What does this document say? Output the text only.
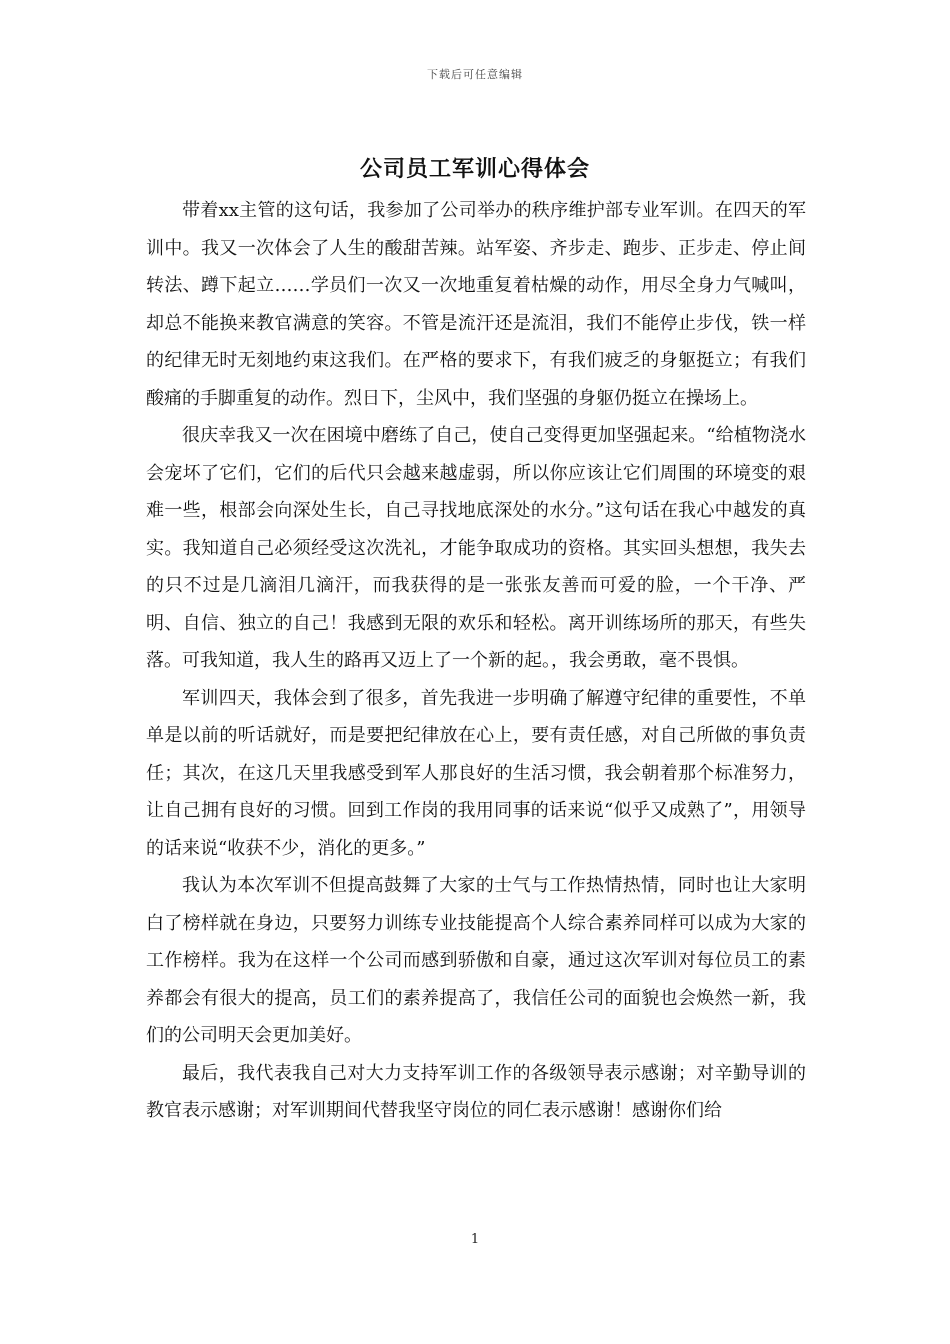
下载后可任意编辑
公司员工军训心得体会

带着xx主管的这句话，我参加了公司举办的秩序维护部专业军训。在四天的军训中。我又一次体会了人生的酸甜苦辣。站军姿、齐步走、跑步、正步走、停止间转法、蹲下起立……学员们一次又一次地重复着枯燥的动作，用尽全身力气喊叫，却总不能换来教官满意的笑容。不管是流汗还是流泪，我们不能停止步伐，铁一样的纪律无时无刻地约束这我们。在严格的要求下，有我们疲乏的身躯挺立；有我们酸痛的手脚重复的动作。烈日下，尘风中，我们坚强的身躯仍挺立在操场上。

很庆幸我又一次在困境中磨练了自己，使自己变得更加坚强起来。“给植物浇水会宠坏了它们，它们的后代只会越来越虚弱，所以你应该让它们周围的环境变的艰难一些，根部会向深处生长，自己寻找地底深处的水分。”这句话在我心中越发的真实。我知道自己必须经受这次洗礼，才能争取成功的资格。其实回头想想，我失去的只不过是几滴泪几滴汗，而我获得的是一张张友善而可爱的脸，一个干净、严明、自信、独立的自己！我感到无限的欢乐和轻松。离开训练场所的那天，有些失落。可我知道，我人生的路再又迈上了一个新的起。，我会勇敢，毫不畏惧。

军训四天，我体会到了很多，首先我进一步明确了解遵守纪律的重要性，不单单是以前的听话就好，而是要把纪律放在心上，要有责任感，对自己所做的事负责任；其次，在这几天里我感受到军人那良好的生活习惯，我会朝着那个标准努力，让自己拥有良好的习惯。回到工作岗的我用同事的话来说“似乎又成熟了”，用领导的话来说“收获不少，消化的更多。”

我认为本次军训不但提高鼓舞了大家的士气与工作热情热情，同时也让大家明白了榜样就在身边，只要努力训练专业技能提高个人综合素养同样可以成为大家的工作榜样。我为在这样一个公司而感到骄傲和自豪，通过这次军训对每位员工的素养都会有很大的提高，员工们的素养提高了，我信任公司的面貌也会焕然一新，我们的公司明天会更加美好。

最后，我代表我自己对大力支持军训工作的各级领导表示感谢；对辛勤导训的教官表示感谢；对军训期间代替我坚守岗位的同仁表示感谢！感谢你们给

1
